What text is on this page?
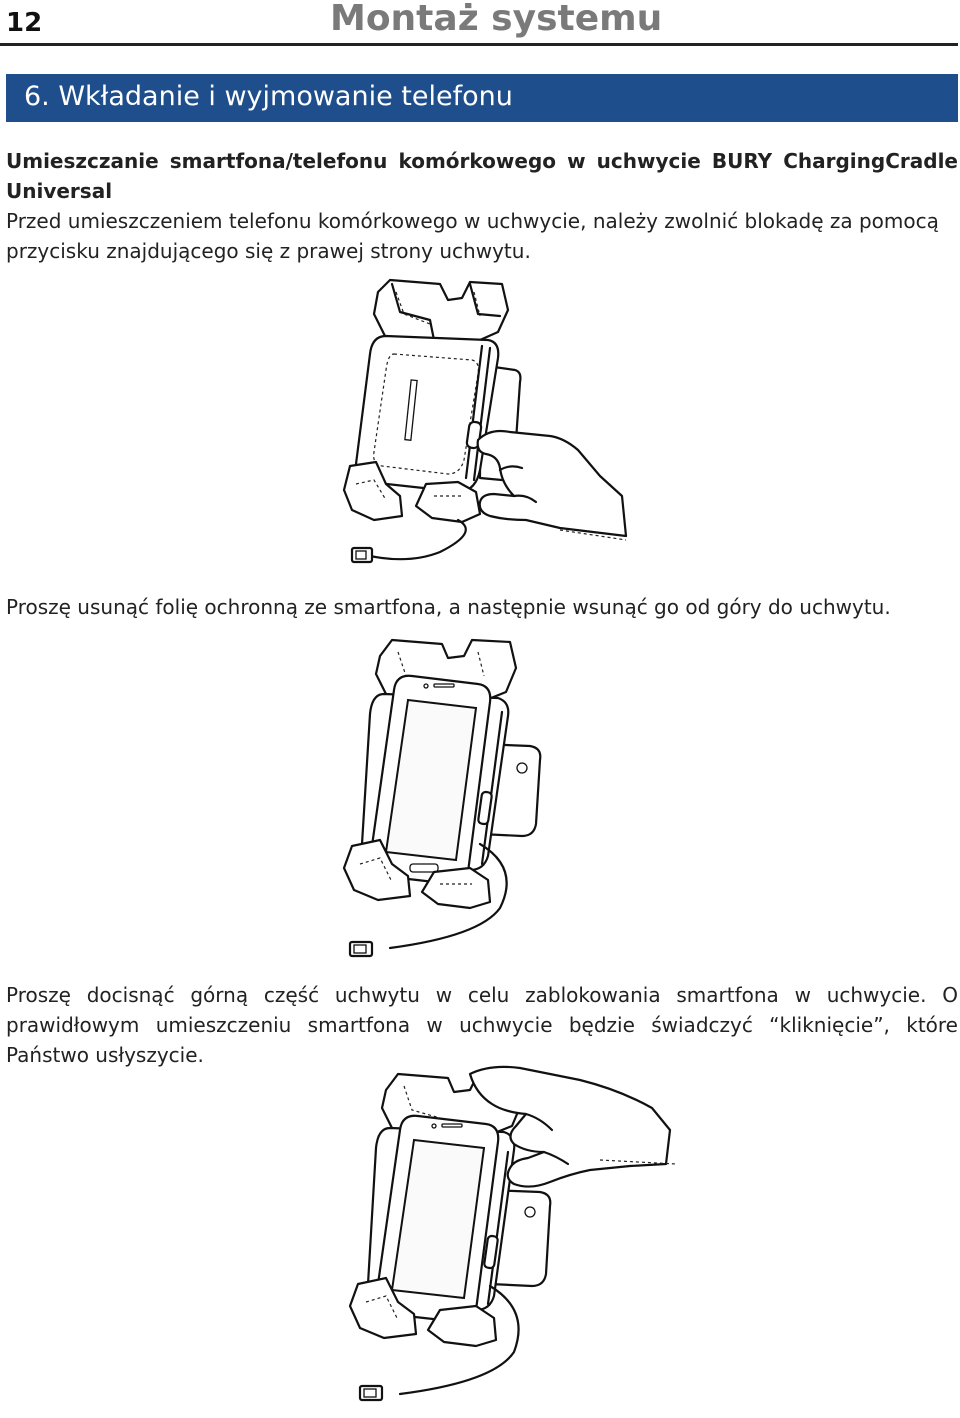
12	Montaż systemu
6. Wkładanie i wyjmowanie telefonu
Umieszczanie smartfona/telefonu komórkowego w uchwycie BURY ChargingCradle Universal
Przed umieszczeniem telefonu komórkowego w uchwycie, należy zwolnić blokadę za pomocą przycisku znajdującego się z prawej strony uchwytu.
Proszę usunąć folię ochronną ze smartfona, a następnie wsunąć go od góry do uchwytu.
Proszę docisnąć górną część uchwytu w celu zablokowania smartfona w uchwycie. O prawidłowym umieszczeniu smartfona w uchwycie będzie świadczyć “kliknięcie”, które Państwo usłyszycie.
